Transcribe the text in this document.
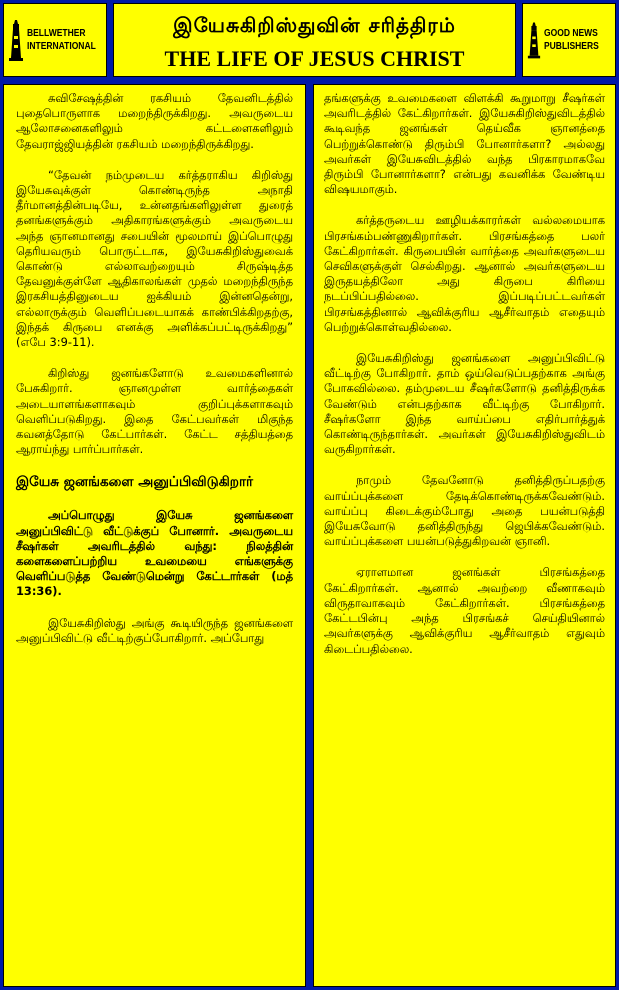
BELLWETHER
INTERNATIONAL
இயேசுகிறிஸ்துவின் சரித்திரம்
THE LIFE OF JESUS CHRIST
GOOD NEWS
PUBLISHERS

சுவிசேஷத்தின் ரகசியம் தேவனிடத்தில் புதைபொருளாக மறைந்திருக்கிறது. அவருடைய ஆலோசனைகளிலும் கட்டளைகளிலும் தேவராஜ்ஜியத்தின் ரகசியம் மறைந்திருக்கிறது.

“தேவன் நம்முடைய கர்த்தராகிய கிறிஸ்து இயேசுவுக்குள் கொண்டிருந்த அநாதி தீர்மானத்தின்படியே, உன்னதங்களிலுள்ள துரைத் தனங்களுக்கும் அதிகாரங்களுக்கும் அவருடைய அந்த ஞானமானது சபையின் மூலமாய் இப்பொழுது தெரியவரும் பொருட்டாக, இயேசுகிறிஸ்துவைக் கொண்டு எல்லாவற்றையும் சிருஷ்டித்த தேவனுக்குள்ளே ஆதிகாலங்கள் முதல் மறைந்திருந்த இரகசியத்தினுடைய ஐக்கியம் இன்னதென்று, எல்லாருக்கும் வெளிப்படையாகக் காண்பிக்கிறதற்கு, இந்தக் கிருபை எனக்கு அளிக்கப்பட்டிருக்கிறது” (எபே 3:9-11).

கிறிஸ்து ஜனங்களோடு உவமைகளினால் பேசுகிறார். ஞானமுள்ள வார்த்தைகள் அடையாளங்களாகவும் குறிப்புக்களாகவும் வெளிப்படுகிறது. இதை கேட்பவர்கள் மிகுந்த கவனத்தோடு கேட்பார்கள். கேட்ட சத்தியத்தை ஆராய்ந்து பார்ப்பார்கள்.

இயேசு ஜனங்களை அனுப்பிவிடுகிறார்

அப்பொழுது இயேசு ஜனங்களை அனுப்பிவிட்டு வீட்டுக்குப் போனார். அவருடைய சீஷர்கள் அவரிடத்தில் வந்து: நிலத்தின் களைகளைப்பற்றிய உவமையை எங்களுக்கு வெளிப்படுத்த வேண்டுமென்று கேட்டார்கள் (மத் 13:36).

இயேசுகிறிஸ்து அங்கு கூடியிருந்த ஜனங்களை அனுப்பிவிட்டு வீட்டிற்குப்போகிறார். அப்போது

தங்களுக்கு உவமைகளை விளக்கி கூறுமாறு சீஷர்கள் அவரிடத்தில் கேட்கிறார்கள். இயேசுகிறிஸ்துவிடத்தில் கூடிவந்த ஜனங்கள் தெய்வீக ஞானத்தை பெற்றுக்கொண்டு திரும்பி போனார்களா? அல்லது அவர்கள் இயேசுவிடத்தில் வந்த பிரகாரமாகவே திரும்பி போனார்களா? என்பது கவனிக்க வேண்டிய விஷயமாகும்.

கர்த்தருடைய ஊழியக்காரர்கள் வல்லமையாக பிரசங்கம்பண்ணுகிறார்கள். பிரசங்கத்தை பலர் கேட்கிறார்கள். கிருபையின் வார்த்தை அவர்களுடைய செவிகளுக்குள் செல்கிறது. ஆனால் அவர்களுடைய இருதயத்திலோ அது கிருபை கிரியை நடப்பிப்பதில்லை. இப்படிப்பட்டவர்கள் பிரசங்கத்தினால் ஆவிக்குரிய ஆசீர்வாதம் எதையும் பெற்றுக்கொள்வதில்லை.

இயேசுகிறிஸ்து ஜனங்களை அனுப்பிவிட்டு வீட்டிற்கு போகிறார். தாம் ஒய்வெடுப்பதற்காக அங்கு போகவில்லை. தம்முடைய சீஷர்களோடு தனித்திருக்க வேண்டும் என்பதற்காக வீட்டிற்கு போகிறார். சீஷர்களோ இந்த வாய்ப்பை எதிர்பார்த்துக் கொண்டிருந்தார்கள். அவர்கள் இயேசுகிறிஸ்துவிடம் வருகிறார்கள்.

நாமும் தேவனோடு தனித்திருப்பதற்கு வாய்ப்புக்களை தேடிக்கொண்டிருக்கவேண்டும். வாய்ப்பு கிடைக்கும்போது அதை பயன்படுத்தி இயேசுவோடு தனித்திருந்து ஜெபிக்கவேண்டும். வாய்ப்புக்களை பயன்படுத்துகிறவன் ஞானி.

ஏராளமான ஜனங்கள் பிரசங்கத்தை கேட்கிறார்கள். ஆனால் அவற்றை வீணாகவும் விருதாவாகவும் கேட்கிறார்கள். பிரசங்கத்தை கேட்டபின்பு அந்த பிரசங்கச் செய்தியினால் அவர்களுக்கு ஆவிக்குரிய ஆசீர்வாதம் எதுவும் கிடைப்பதில்லை.
